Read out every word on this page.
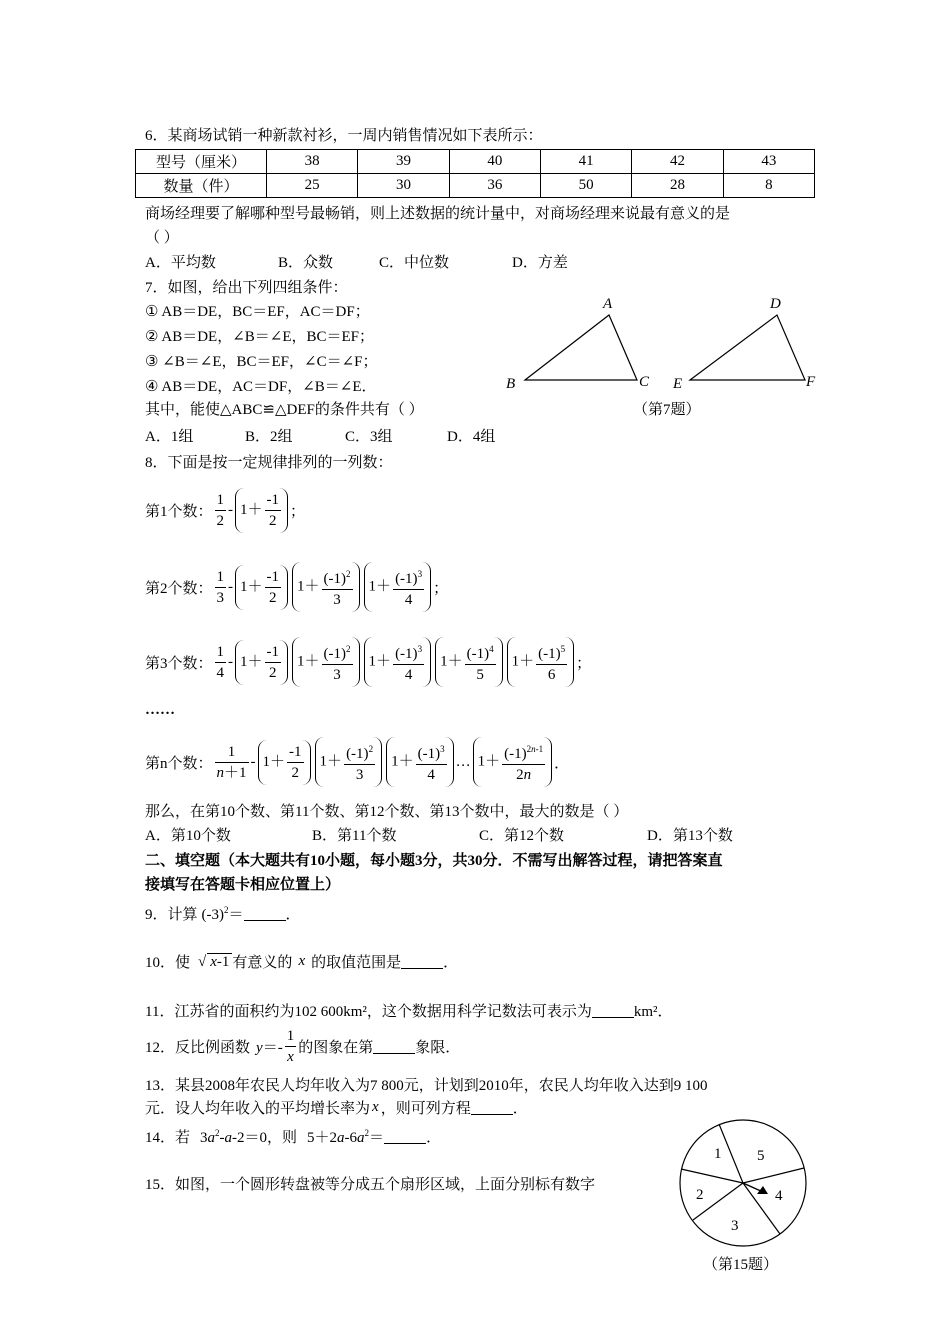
6．某商场试销一种新款衬衫，一周内销售情况如下表所示：
型号（厘米）	38	39	40	41	42	43
数量（件）	25	30	36	50	28	8
商场经理要了解哪种型号最畅销，则上述数据的统计量中，对商场经理来说最有意义的是
（ ）
A．平均数	B．众数	C．中位数	D．方差
7．如图，给出下列四组条件：
① AB＝DE，BC＝EF，AC＝DF；
② AB＝DE，∠B＝∠E，BC＝EF；
③ ∠B＝∠E，BC＝EF，∠C＝∠F；
④ AB＝DE，AC＝DF，∠B＝∠E．
其中，能使△ABC≌△DEF的条件共有（ ）
A．1组	B．2组	C．3组	D．4组
A
B	C
D
E	F
（第7题）
8．下面是按一定规律排列的一列数：
第1个数： $\frac{1}{2} - 1+ \frac{-1}{2}$ ；
第2个数： $\frac{1}{3} - 1+ \frac{-1}{2}$	$1+ \frac{(-1)^2}{3}$	$1+ \frac{(-1)^3}{4}$ ；
第3个数： $\frac{1}{4} - 1+ \frac{-1}{2}$	$1+ \frac{(-1)^2}{3}$	$1+ \frac{(-1)^3}{4}$	$1+ \frac{(-1)^4}{5}$	$1+ \frac{(-1)^5}{6}$ ；
……
第n个数： $\frac{1}{n+1} - 1+ \frac{-1}{2}$	$1+ \frac{(-1)^2}{3}$	$1+ \frac{(-1)^3}{4}$ … $1+ \frac{(-1)^{2n-1}}{2n}$ ．
那么，在第10个数、第11个数、第12个数、第13个数中，最大的数是（ ）
A．第10个数	B．第11个数	C．第12个数	D．第13个数
二、填空题（本大题共有10小题，每小题3分，共30分．不需写出解答过程，请把答案直
接填写在答题卡相应位置上）
9．计算 $(-3)^2=$	．
10．使 √ x-1 有意义的 x 的取值范围是	．
11．江苏省的面积约为102 600km²，这个数据用科学记数法可表示为	km²．
12．反比例函数 $y=- \frac{1}{x}$ 的图象在第	象限．
13．某县2008年农民人均年收入为7 800元，计划到2010年，农民人均年收入达到9 100
元．设人均年收入的平均增长率为 x ，则可列方程	．
14．若 $3a^2-a-2=0$ ，则 $5+2a-6a^2=$	．
15．如图，一个圆形转盘被等分成五个扇形区域，上面分别标有数字
1 5
4
3
2
（第15题）
